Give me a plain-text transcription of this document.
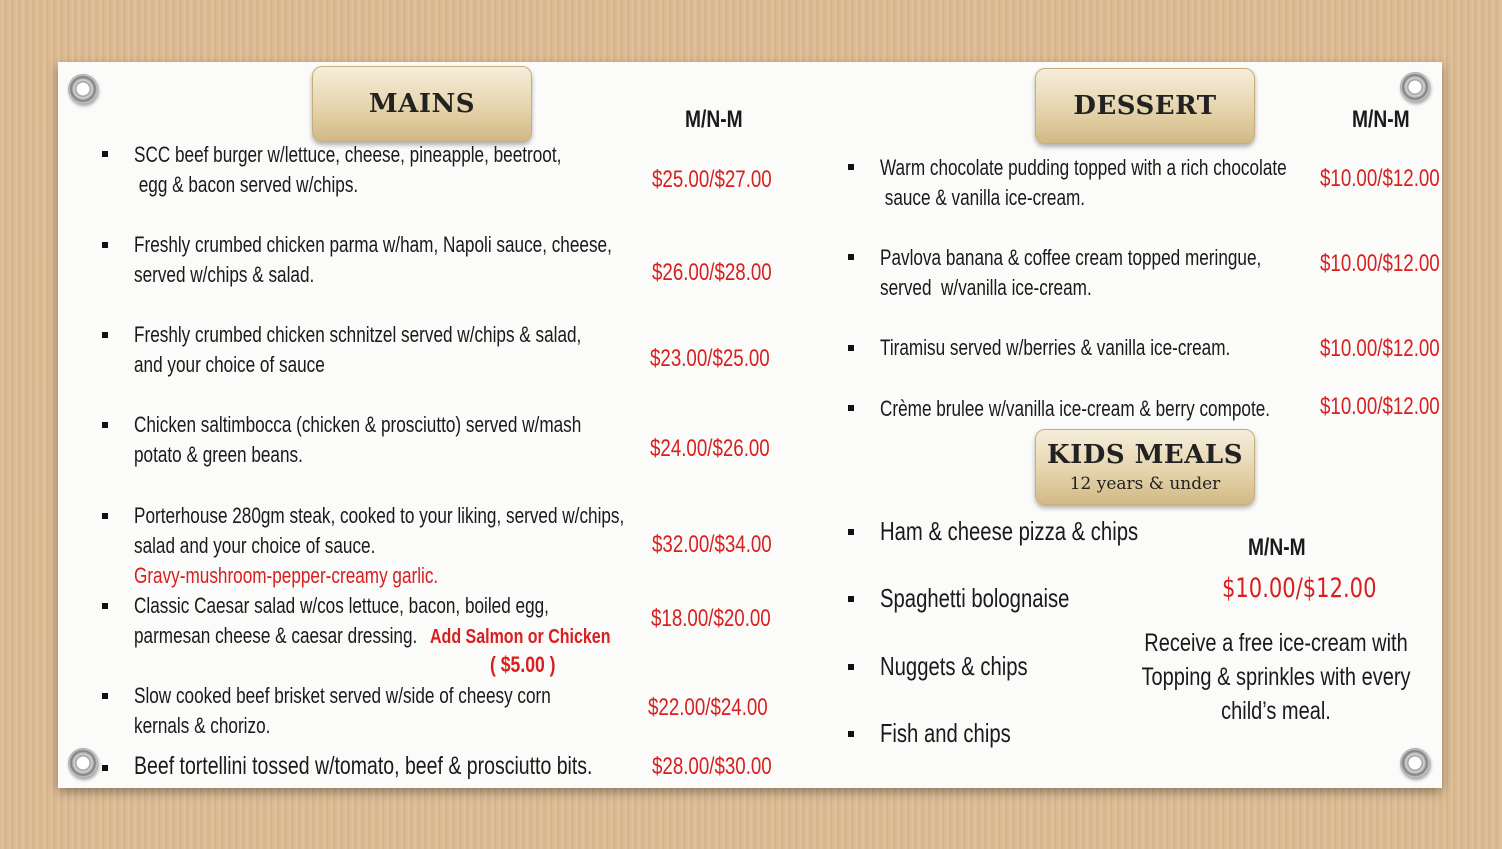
MAINS
M/N-M
SCC beef burger w/lettuce, cheese, pineapple, beetroot,
egg & bacon served w/chips.	$25.00/$27.00
Freshly crumbed chicken parma w/ham, Napoli sauce, cheese,
served w/chips & salad.	$26.00/$28.00
Freshly crumbed chicken schnitzel served w/chips & salad,
and your choice of sauce	$23.00/$25.00
Chicken saltimbocca (chicken & prosciutto) served w/mash
potato & green beans.	$24.00/$26.00
Porterhouse 280gm steak, cooked to your liking, served w/chips,
salad and your choice of sauce.
Gravy-mushroom-pepper-creamy garlic.
$32.00/$34.00
Classic Caesar salad w/cos lettuce, bacon, boiled egg,
parmesan cheese & caesar dressing. Add Salmon or Chicken
( $5.00 )
$18.00/$20.00
Slow cooked beef brisket served w/side of cheesy corn
kernals & chorizo.
$22.00/$24.00
Beef tortellini tossed w/tomato, beef & prosciutto bits. $28.00/$30.00
DESSERT	M/N-M
Warm chocolate pudding topped with a rich chocolate
sauce & vanilla ice-cream.
$10.00/$12.00
Pavlova banana & coffee cream topped meringue,
served  w/vanilla ice-cream.
$10.00/$12.00
Tiramisu served w/berries & vanilla ice-cream.	$10.00/$12.00
Crème brulee w/vanilla ice-cream & berry compote. $10.00/$12.00
KIDS MEALS
12 years & under
Ham & cheese pizza & chips
Spaghetti bolognaise
Nuggets & chips
Fish and chips
M/N-M
$10.00/$12.00
Receive a free ice-cream with
Topping & sprinkles with every
child’s meal.
